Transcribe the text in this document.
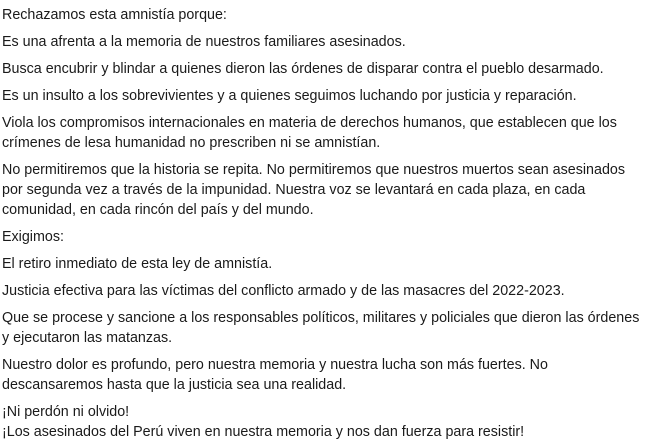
Rechazamos esta amnistía porque:

Es una afrenta a la memoria de nuestros familiares asesinados.

Busca encubrir y blindar a quienes dieron las órdenes de disparar contra el pueblo desarmado.

Es un insulto a los sobrevivientes y a quienes seguimos luchando por justicia y reparación.

Viola los compromisos internacionales en materia de derechos humanos, que establecen que los
crímenes de lesa humanidad no prescriben ni se amnistían.

No permitiremos que la historia se repita. No permitiremos que nuestros muertos sean asesinados
por segunda vez a través de la impunidad. Nuestra voz se levantará en cada plaza, en cada
comunidad, en cada rincón del país y del mundo.

Exigimos:

El retiro inmediato de esta ley de amnistía.

Justicia efectiva para las víctimas del conflicto armado y de las masacres del 2022-2023.

Que se procese y sancione a los responsables políticos, militares y policiales que dieron las órdenes
y ejecutaron las matanzas.

Nuestro dolor es profundo, pero nuestra memoria y nuestra lucha son más fuertes. No
descansaremos hasta que la justicia sea una realidad.

¡Ni perdón ni olvido!
¡Los asesinados del Perú viven en nuestra memoria y nos dan fuerza para resistir!
